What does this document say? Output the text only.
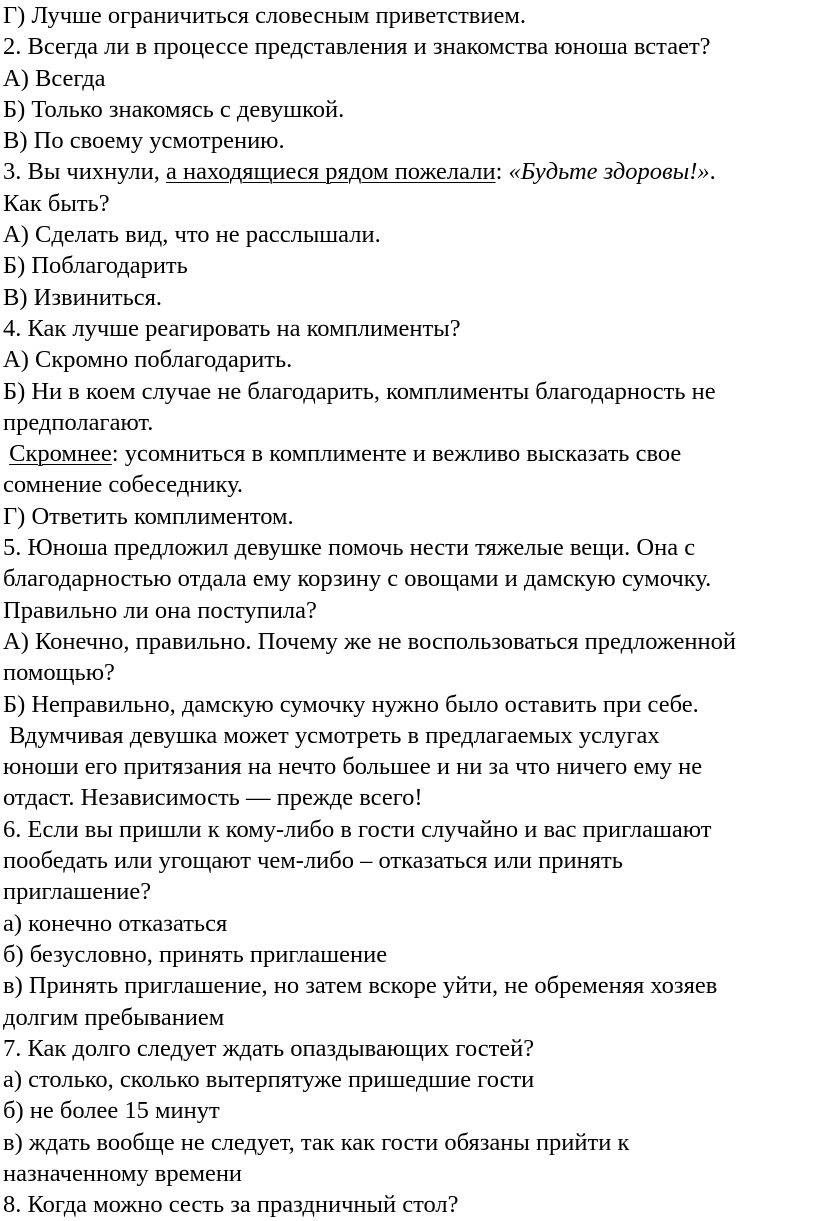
Г) Лучше ограничиться словесным приветствием.
2. Всегда ли в процессе представления и знакомства юноша встает?
А) Всегда
Б) Только знакомясь с девушкой.
В) По своему усмотрению.
3. Вы чихнули, а находящиеся рядом пожелали: «Будьте здоровы!».
Как быть?
А) Сделать вид, что не расслышали.
Б) Поблагодарить
В) Извиниться.
4. Как лучше реагировать на комплименты?
А) Скромно поблагодарить.
Б) Ни в коем случае не благодарить, комплименты благодарность не
предполагают.
Скромнее: усомниться в комплименте и вежливо высказать свое
сомнение собеседнику.
Г) Ответить комплиментом.
5. Юноша предложил девушке помочь нести тяжелые вещи. Она с
благодарностью отдала ему корзину с овощами и дамскую сумочку.
Правильно ли она поступила?
А) Конечно, правильно. Почему же не воспользоваться предложенной
помощью?
Б) Неправильно, дамскую сумочку нужно было оставить при себе.
Вдумчивая девушка может усмотреть в предлагаемых услугах
юноши его притязания на нечто большее и ни за что ничего ему не
отдаст. Независимость — прежде всего!
6. Если вы пришли к кому-либо в гости случайно и вас приглашают
пообедать или угощают чем-либо – отказаться или принять
приглашение?
а) конечно отказаться
б) безусловно, принять приглашение
в) Принять приглашение, но затем вскоре уйти, не обременяя хозяев
долгим пребыванием
7. Как долго следует ждать опаздывающих гостей?
а) столько, сколько вытерпятуже пришедшие гости
б) не более 15 минут
в) ждать вообще не следует, так как гости обязаны прийти к
назначенному времени
8. Когда можно сесть за праздничный стол?
